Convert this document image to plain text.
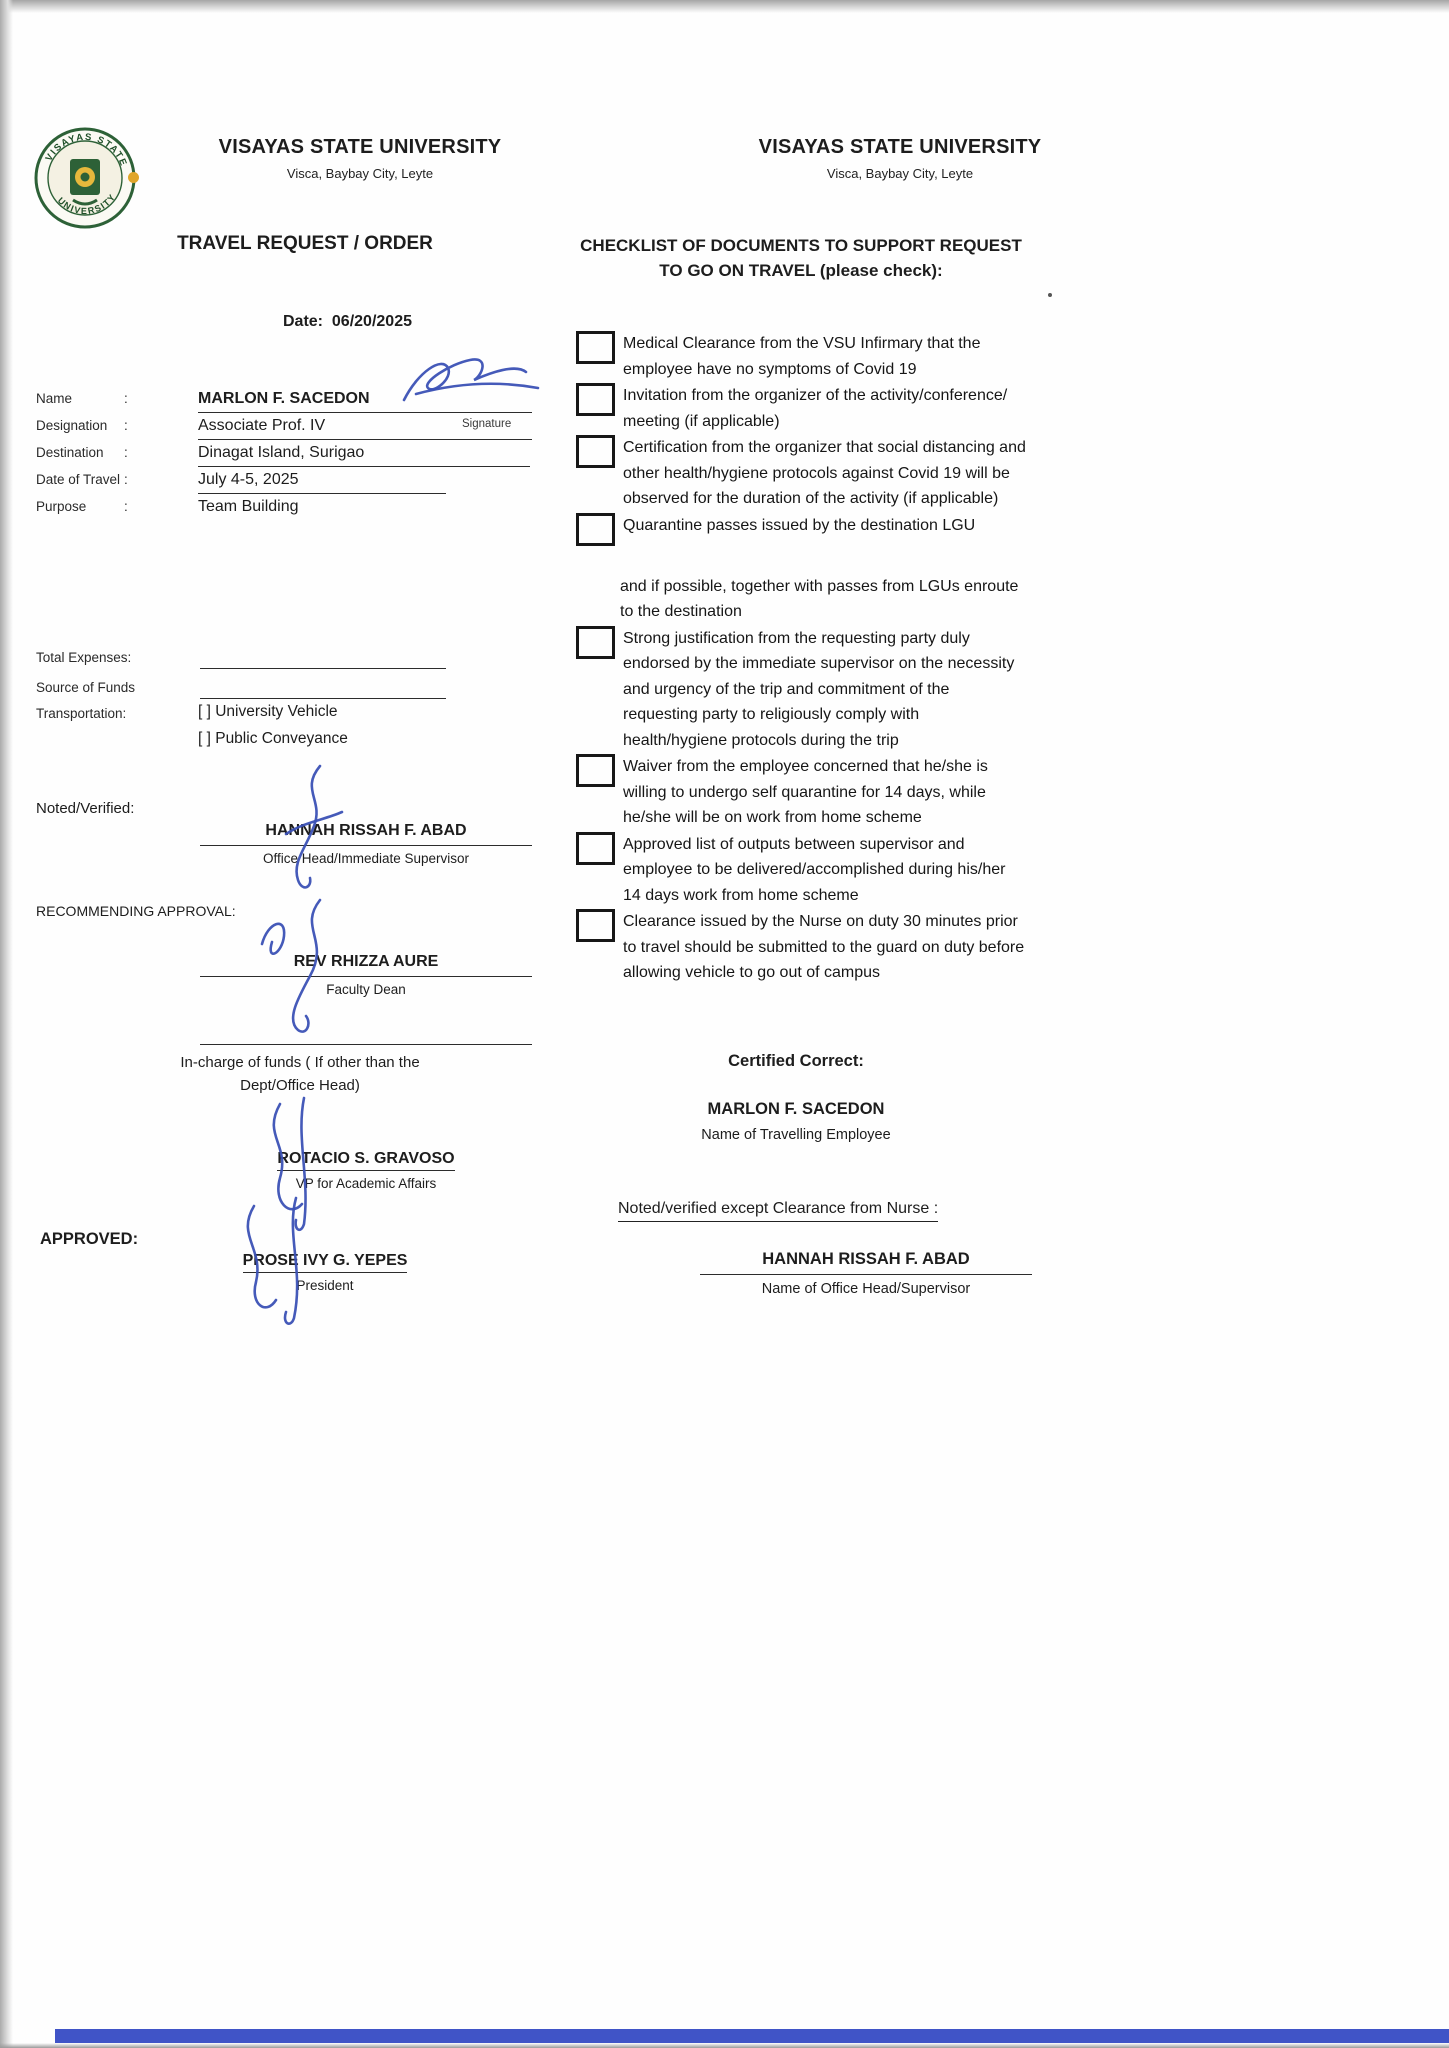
VISAYAS STATE
UNIVERSITY
VISAYAS STATE UNIVERSITY
Visca, Baybay City, Leyte
VISAYAS STATE UNIVERSITY
Visca, Baybay City, Leyte
TRAVEL REQUEST / ORDER	CHECKLIST OF DOCUMENTS TO SUPPORT REQUEST
TO GO ON TRAVEL (please check):
Date: 06/20/2025
Name	:	MARLON F. SACEDON
Designation	:	Associate Prof. IV
Destination	:	Dinagat Island, Surigao
Date of Travel :	July 4-5, 2025
Purpose	:	Team Building
Signature
Total Expenses:
Source of Funds
Transportation:	[ ] University Vehicle
[ ] Public Conveyance
Noted/Verified:
HANNAH RISSAH F. ABAD
Office Head/Immediate Supervisor
RECOMMENDING APPROVAL:
REV RHIZZA AURE
Faculty Dean
In-charge of funds ( If other than the
Dept/Office Head)
ROTACIO S. GRAVOSO
VP for Academic Affairs
APPROVED:
PROSE IVY G. YEPES
President
Medical Clearance from the VSU Infirmary that the employee have no symptoms of Covid 19
Invitation from the organizer of the activity/conference/ meeting (if applicable)
Certification from the organizer that social distancing and other health/hygiene protocols against Covid 19 will be observed for the duration of the activity (if applicable)
Quarantine passes issued by the destination LGU
and if possible, together with passes from LGUs enroute to the destination
Strong justification from the requesting party duly endorsed by the immediate supervisor on the necessity and urgency of the trip and commitment of the requesting party to religiously comply with health/hygiene protocols during the trip
Waiver from the employee concerned that he/she is willing to undergo self quarantine for 14 days, while he/she will be on work from home scheme
Approved list of outputs between supervisor and employee to be delivered/accomplished during his/her 14 days work from home scheme
Clearance issued by the Nurse on duty 30 minutes prior to travel should be submitted to the guard on duty before allowing vehicle to go out of campus
Certified Correct:
MARLON F. SACEDON
Name of Travelling Employee
Noted/verified except Clearance from Nurse :
HANNAH RISSAH F. ABAD
Name of Office Head/Supervisor
